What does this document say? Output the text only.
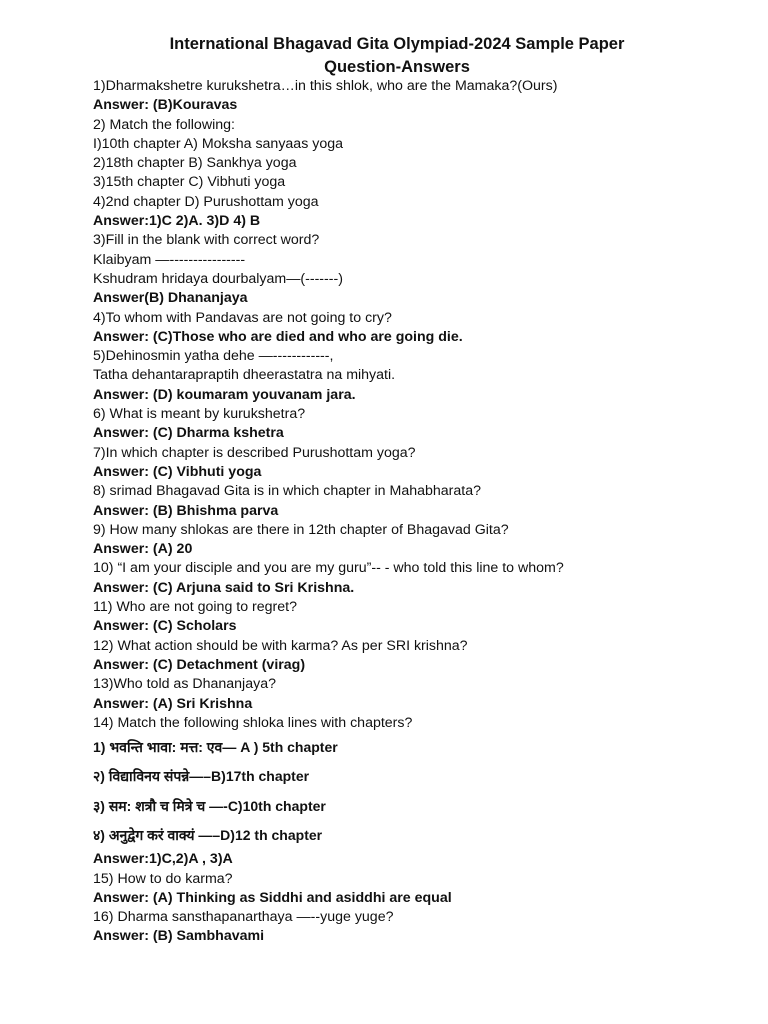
International Bhagavad Gita Olympiad-2024 Sample Paper
Question-Answers
1)Dharmakshetre kurukshetra…in this shlok, who are the Mamaka?(Ours)
Answer: (B)Kouravas
2) Match the following:
I)10th chapter A) Moksha sanyaas yoga
2)18th chapter B) Sankhya yoga
3)15th chapter C) Vibhuti yoga
4)2nd chapter D) Purushottam yoga
Answer:1)C 2)A. 3)D 4) B
3)Fill in the blank with correct word?
Klaibyam —----------------
Kshudram hridaya dourbalyam—(-------)
Answer(B) Dhananjaya
4)To whom with Pandavas are not going to cry?
Answer: (C)Those who are died and who are going die.
5)Dehinosmin yatha dehe —------------,
Tatha dehantarapraptih dheerastatra na mihyati.
Answer: (D) koumaram youvanam jara.
6) What is meant by kurukshetra?
Answer: (C) Dharma kshetra
7)In which chapter is described Purushottam yoga?
Answer: (C) Vibhuti yoga
8) srimad Bhagavad Gita is in which chapter in Mahabharata?
Answer: (B) Bhishma parva
9) How many shlokas are there in 12th chapter of Bhagavad Gita?
Answer: (A) 20
10) “I am your disciple and you are my guru”-- - who told this line to whom?
Answer: (C) Arjuna said to Sri Krishna.
11) Who are not going to regret?
Answer: (C) Scholars
12) What action should be with karma? As per SRI krishna?
Answer: (C) Detachment (virag)
13)Who told as Dhananjaya?
Answer: (A) Sri Krishna
14) Match the following shloka lines with chapters?
1) भवन्ति भावा: मत्त: एव— A ) 5th chapter
२) विद्याविनय संपन्ने—–B)17th chapter
३) सम: शत्रौ च मित्रे च —-C)10th chapter
४) अनुद्वेग करं वाक्यं —–D)12 th chapter
Answer:1)C,2)A , 3)A
15) How to do karma?
Answer: (A) Thinking as Siddhi and asiddhi are equal
16) Dharma sansthapanarthaya —--yuge yuge?
Answer: (B) Sambhavami
